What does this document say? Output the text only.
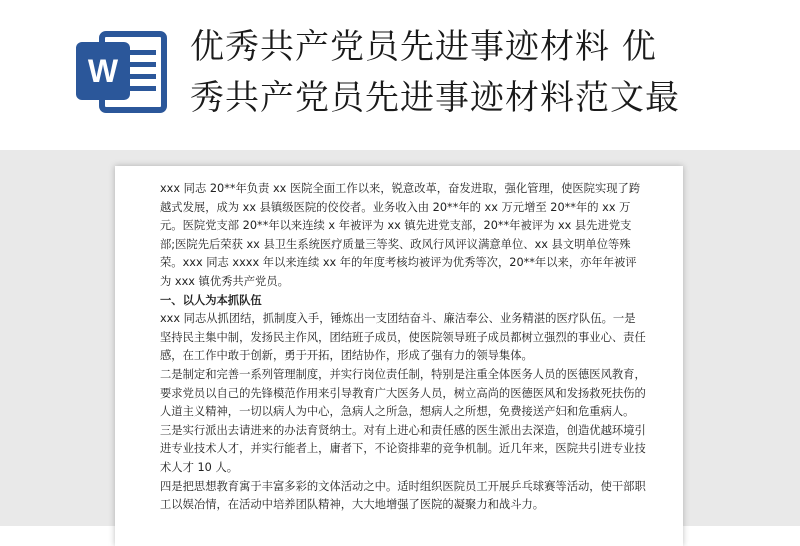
W
优秀共产党员先进事迹材料 优
秀共产党员先进事迹材料范文最

xxx 同志 20**年负责 xx 医院全面工作以来，锐意改革，奋发进取，强化管理，使医院实现了跨越式发展，成为 xx 县镇级医院的佼佼者。业务收入由 20**年的 xx 万元增至 20**年的 xx 万元。医院党支部 20**年以来连续 x 年被评为 xx 镇先进党支部，20**年被评为 xx 县先进党支部;医院先后荣获 xx 县卫生系统医疗质量三等奖、政风行风评议满意单位、xx 县文明单位等殊荣。xxx 同志 xxxx 年以来连续 xx 年的年度考核均被评为优秀等次，20**年以来，亦年年被评为 xxx 镇优秀共产党员。

一、以人为本抓队伍

xxx 同志从抓团结，抓制度入手，锤炼出一支团结奋斗、廉洁奉公、业务精湛的医疗队伍。一是坚持民主集中制，发扬民主作风，团结班子成员，使医院领导班子成员都树立强烈的事业心、责任感，在工作中敢于创新，勇于开拓，团结协作，形成了强有力的领导集体。

二是制定和完善一系列管理制度，并实行岗位责任制，特别是注重全体医务人员的医德医风教育，要求党员以自己的先锋模范作用来引导教育广大医务人员，树立高尚的医德医风和发扬救死扶伤的人道主义精神，一切以病人为中心，急病人之所急，想病人之所想，免费接送产妇和危重病人。

三是实行派出去请进来的办法育贤纳士。对有上进心和责任感的医生派出去深造，创造优越环境引进专业技术人才，并实行能者上，庸者下，不论资排辈的竞争机制。近几年来，医院共引进专业技术人才 10 人。

四是把思想教育寓于丰富多彩的文体活动之中。适时组织医院员工开展乒乓球赛等活动，使干部职工以娱冶情，在活动中培养团队精神，大大地增强了医院的凝聚力和战斗力。
